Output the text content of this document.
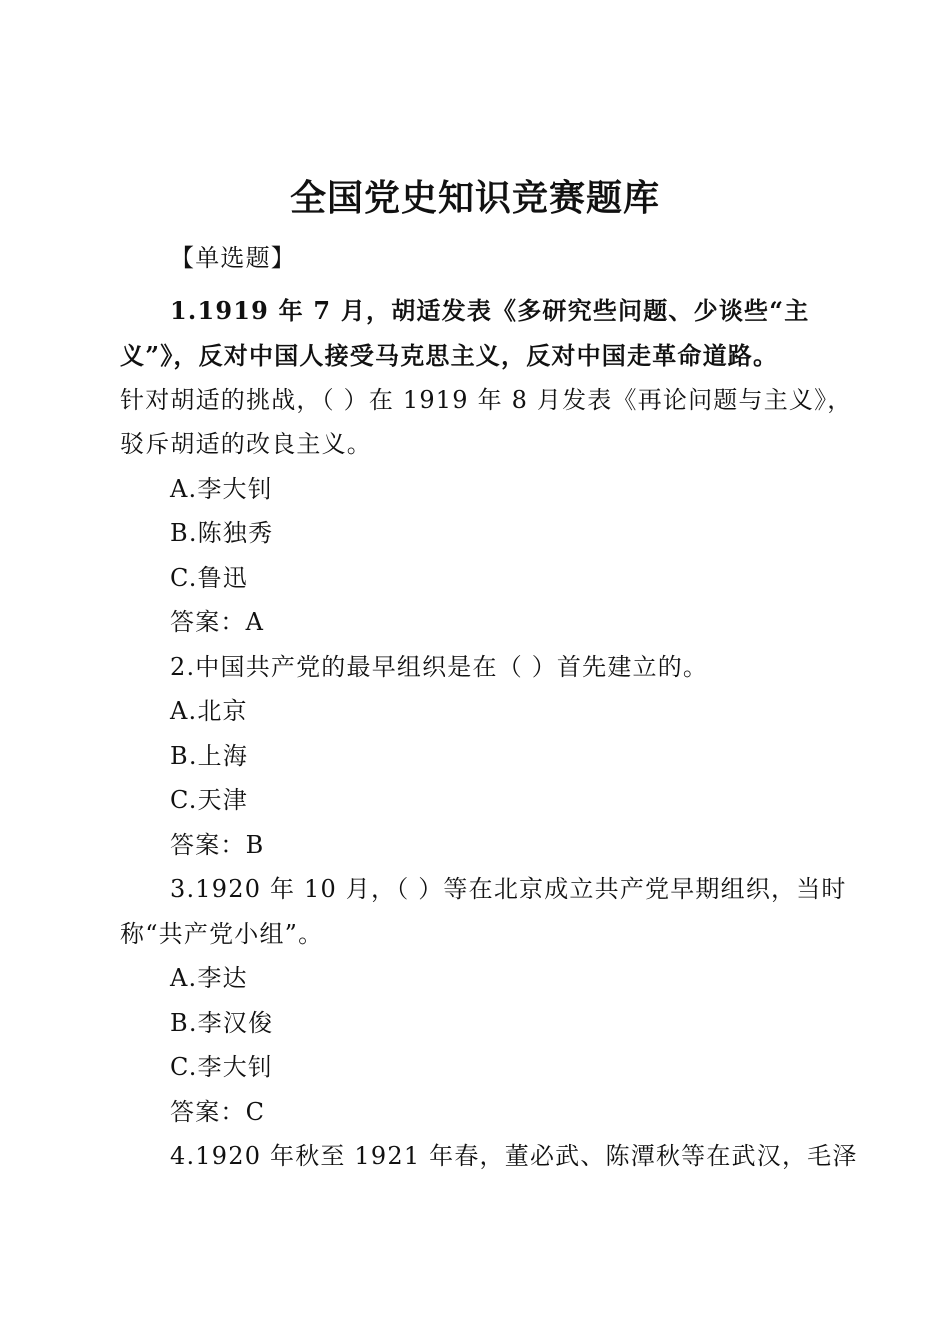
全国党史知识竞赛题库
【单选题】
1.1919 年 7 月，胡适发表《多研究些问题、少谈些“主
义”》，反对中国人接受马克思主义，反对中国走革命道路。
针对胡适的挑战，（ ）在 1919 年 8 月发表《再论问题与主义》，
驳斥胡适的改良主义。
A.李大钊
B.陈独秀
C.鲁迅
答案：A
2.中国共产党的最早组织是在（ ）首先建立的。
A.北京
B.上海
C.天津
答案：B
3.1920 年 10 月，（ ）等在北京成立共产党早期组织，当时
称“共产党小组”。
A.李达
B.李汉俊
C.李大钊
答案：C
4.1920 年秋至 1921 年春，董必武、陈潭秋等在武汉，毛泽
